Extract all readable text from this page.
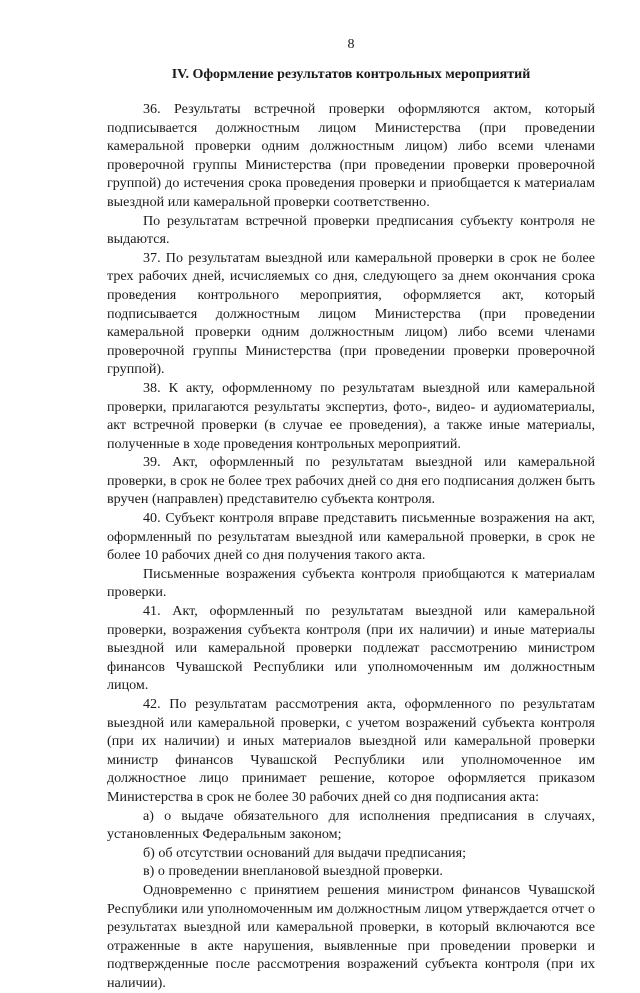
8
IV. Оформление результатов контрольных мероприятий

36. Результаты встречной проверки оформляются актом, который подписывается должностным лицом Министерства (при проведении камеральной проверки одним должностным лицом) либо всеми членами проверочной группы Министерства (при проведении проверки проверочной группой) до истечения срока проведения проверки и приобщается к материалам выездной или камеральной проверки соответственно.

По результатам встречной проверки предписания субъекту контроля не выдаются.

37. По результатам выездной или камеральной проверки в срок не более трех рабочих дней, исчисляемых со дня, следующего за днем окончания срока проведения контрольного мероприятия, оформляется акт, который подписывается должностным лицом Министерства (при проведении камеральной проверки одним должностным лицом) либо всеми членами проверочной группы Министерства (при проведении проверки проверочной группой).

38. К акту, оформленному по результатам выездной или камеральной проверки, прилагаются результаты экспертиз, фото-, видео- и аудиоматериалы, акт встречной проверки (в случае ее проведения), а также иные материалы, полученные в ходе проведения контрольных мероприятий.

39. Акт, оформленный по результатам выездной или камеральной проверки, в срок не более трех рабочих дней со дня его подписания должен быть вручен (направлен) представителю субъекта контроля.

40. Субъект контроля вправе представить письменные возражения на акт, оформленный по результатам выездной или камеральной проверки, в срок не более 10 рабочих дней со дня получения такого акта.

Письменные возражения субъекта контроля приобщаются к материалам проверки.

41. Акт, оформленный по результатам выездной или камеральной проверки, возражения субъекта контроля (при их наличии) и иные материалы выездной или камеральной проверки подлежат рассмотрению министром финансов Чувашской Республики или уполномоченным им должностным лицом.

42. По результатам рассмотрения акта, оформленного по результатам выездной или камеральной проверки, с учетом возражений субъекта контроля (при их наличии) и иных материалов выездной или камеральной проверки министр финансов Чувашской Республики или уполномоченное им должностное лицо принимает решение, которое оформляется приказом Министерства в срок не более 30 рабочих дней со дня подписания акта:

а) о выдаче обязательного для исполнения предписания в случаях, установленных Федеральным законом;

б) об отсутствии оснований для выдачи предписания;

в) о проведении внеплановой выездной проверки.

Одновременно с принятием решения министром финансов Чувашской Республики или уполномоченным им должностным лицом утверждается отчет о результатах выездной или камеральной проверки, в который включаются все отраженные в акте нарушения, выявленные при проведении проверки и подтвержденные после рассмотрения возражений субъекта контроля (при их наличии).
